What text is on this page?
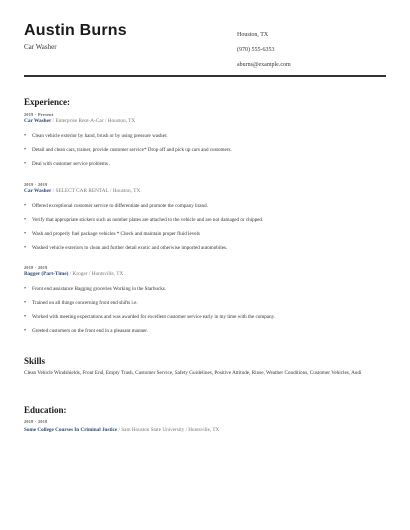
Austin Burns
Car Washer
Houston, TX
(970) 555-6353
aburns@example.com
Experience:
2019 - Present
Car Washer / Enterprise Rent-A-Car / Houston, TX
• Clean vehicle exterior by hand, brush or by using pressure washer.
• Detail and clean cars, trainer, provide customer service* Drop off and pick up cars and customers.
• Deal with customer service problems .
2019 - 2019
Car Washer / SELECT CAR RENTAL / Houston, TX
• Offered exceptional customer service to differentiate and promote the company brand.
• Verify that appropriate stickers such as number plates are attached to the vehicle and are not damaged or chipped.
• Wash and properly fuel package vehicles * Check and maintain proper fluid levels
• Washed vehicle exteriors to clean and further detail exotic and otherwise imported automobiles.
2018 - 2019
Bagger (Part-Time) / Kroger / Huntsville, TX
• Front end assistance Bagging groceries Working in the Starbucks.
• Trained on all things concerning front end shifts i.e.
• Worked with meeting expectations and was awarded for excellent customer service early in my time with the company.
• Greeted customers on the front end in a pleasant manner.
Skills
Clean Vehicle Windshields, Front End, Empty Trash, Customer Service, Safety Guidelines, Positive Attitude, Rinse, Weather Conditions, Customer Vehicles, Audi
Education:
2018 - 2018
Some College Courses In Criminal Justice / Sam Houston State University / Huntsville, TX
